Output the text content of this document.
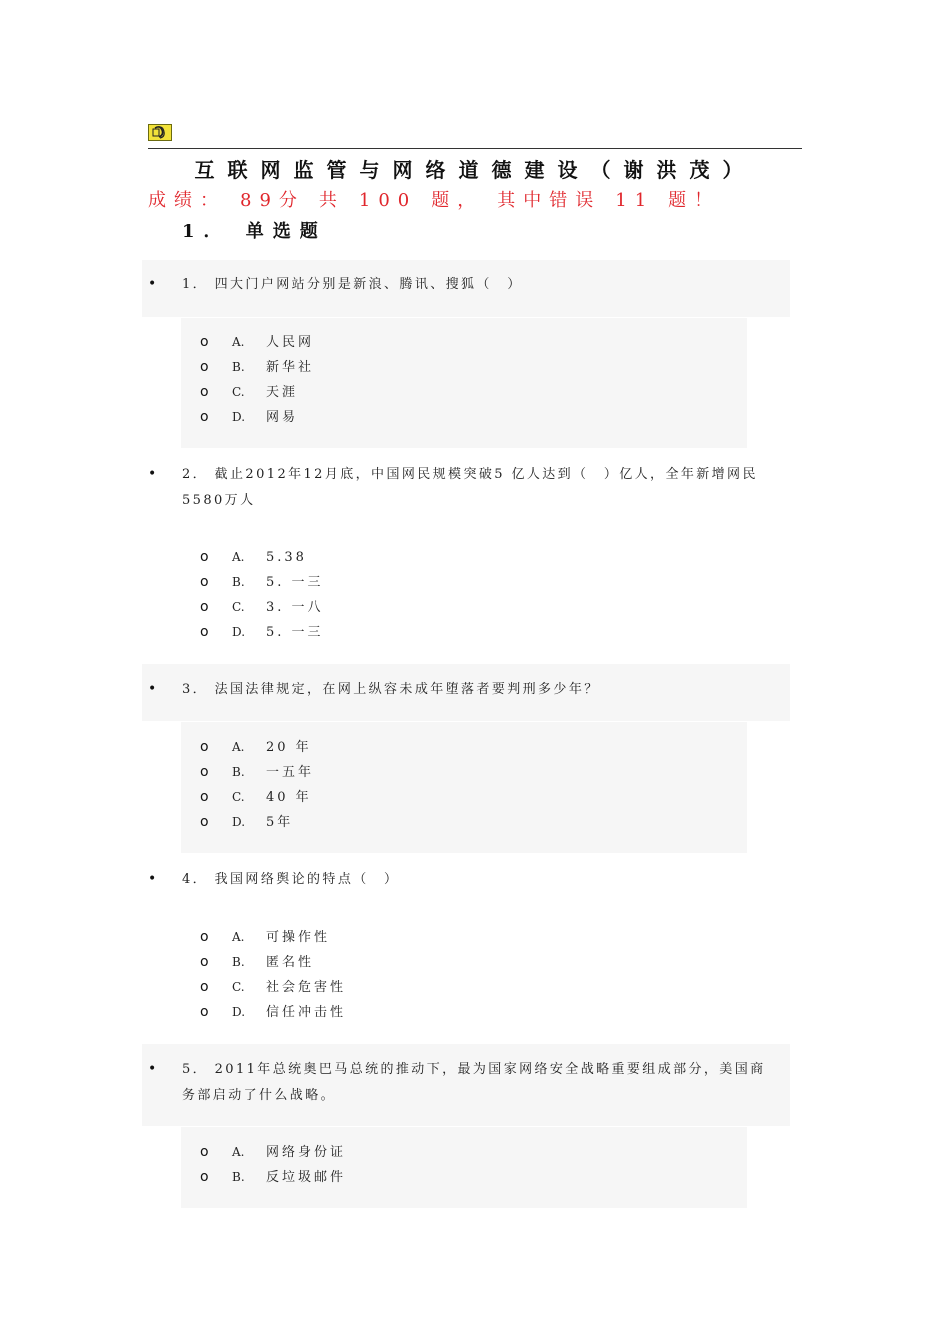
互联网监管与网络道德建设（谢洪茂）
成绩： 89分 共 100 题， 其中错误 11 题！
1． 单选题
• 1． 四大门户网站分别是新浪、腾讯、搜狐（　）
o A. 人民网
o B. 新华社
o C. 天涯
o D. 网易
• 2． 截止2012年12月底，中国网民规模突破5 亿人达到（　）亿人，全年新增网民5580万人
o A. 5.38
o B. 5. 一三
o C. 3. 一八
o D. 5. 一三
• 3． 法国法律规定，在网上纵容未成年堕落者要判刑多少年？
o A. 20 年
o B. 一五年
o C. 40 年
o D. 5年
• 4． 我国网络舆论的特点（　）
o A. 可操作性
o B. 匿名性
o C. 社会危害性
o D. 信任冲击性
• 5． 2011年总统奥巴马总统的推动下，最为国家网络安全战略重要组成部分，美国商务部启动了什么战略。
o A. 网络身份证
o B. 反垃圾邮件
